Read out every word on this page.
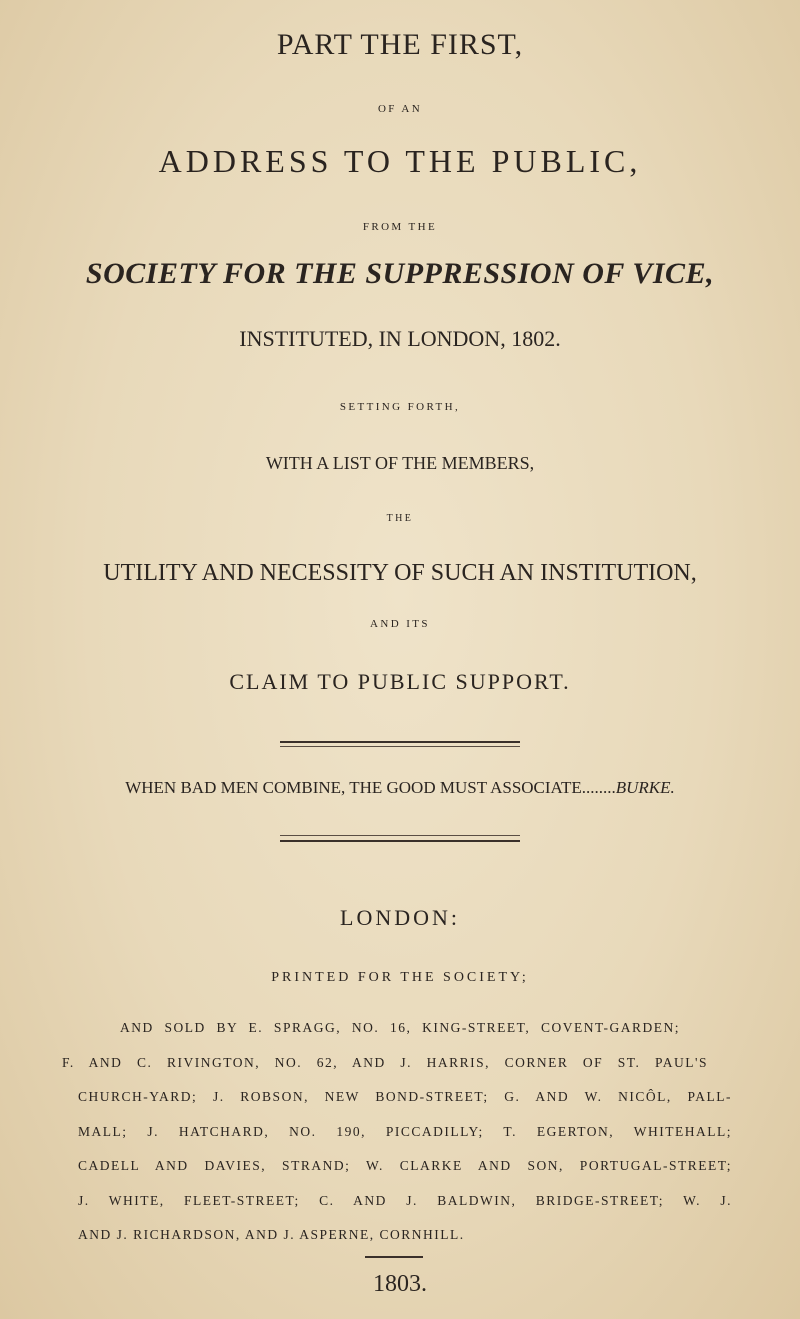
PART THE FIRST,
OF AN
ADDRESS TO THE PUBLIC,
FROM THE
SOCIETY FOR THE SUPPRESSION OF VICE,
INSTITUTED, IN LONDON, 1802.
SETTING FORTH,
WITH A LIST OF THE MEMBERS,
THE
UTILITY AND NECESSITY OF SUCH AN INSTITUTION,
AND ITS
CLAIM TO PUBLIC SUPPORT.
WHEN BAD MEN COMBINE, THE GOOD MUST ASSOCIATE........BURKE.
LONDON:
PRINTED FOR THE SOCIETY;
AND SOLD BY E. SPRAGG, NO. 16, KING-STREET, COVENT-GARDEN;
F. AND C. RIVINGTON, NO. 62, AND J. HARRIS, CORNER OF ST. PAUL'S
CHURCH-YARD; J. ROBSON, NEW BOND-STREET; G. AND W. NICÔL, PALL-
MALL; J. HATCHARD, NO. 190, PICCADILLY; T. EGERTON, WHITEHALL;
CADELL AND DAVIES, STRAND; W. CLARKE AND SON, PORTUGAL-STREET;
J. WHITE, FLEET-STREET; C. AND J. BALDWIN, BRIDGE-STREET; W. J.
AND J. RICHARDSON, AND J. ASPERNE, CORNHILL.
1803.
